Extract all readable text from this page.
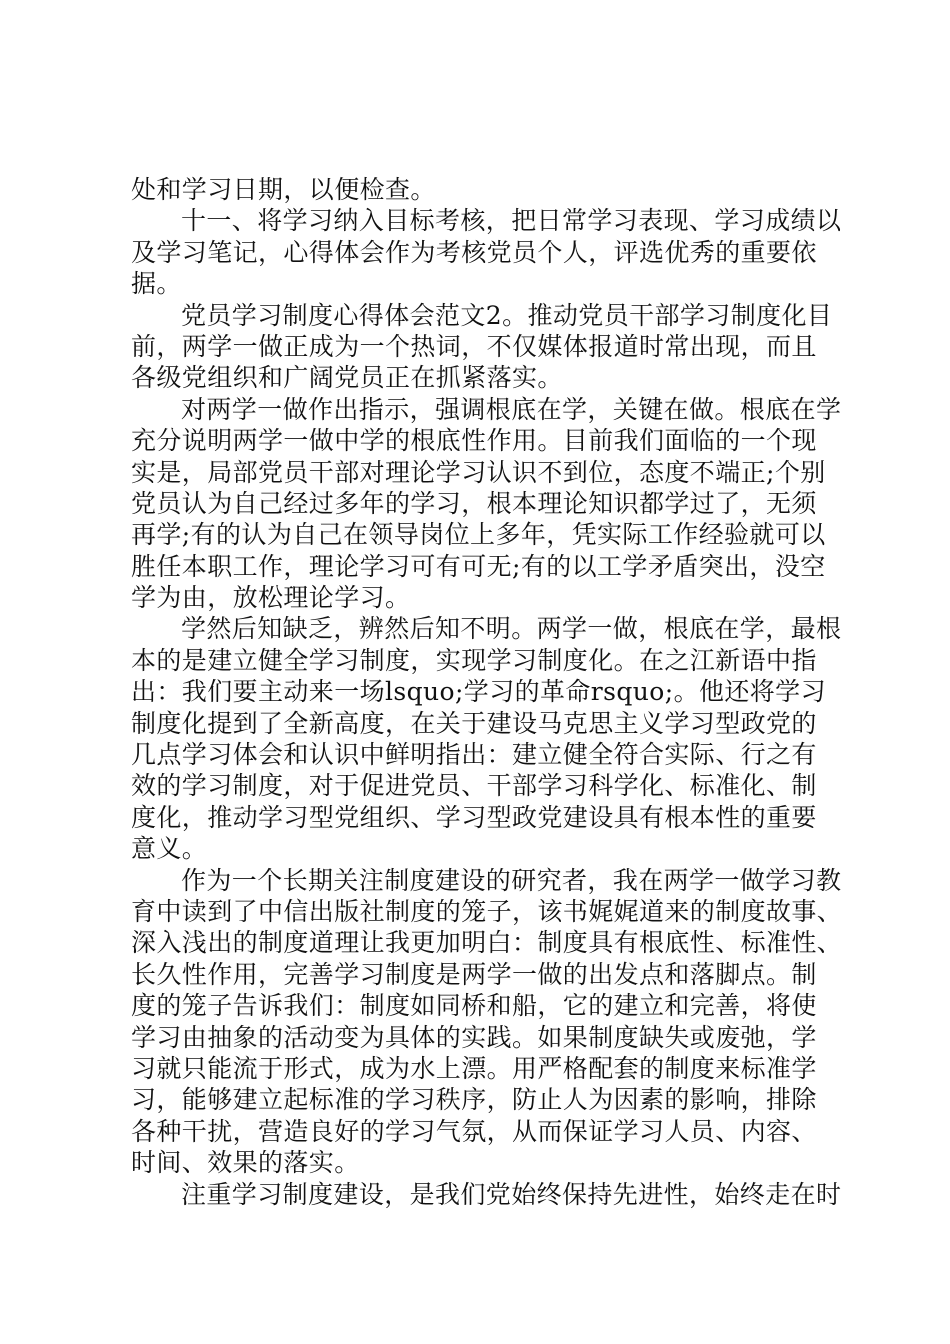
处和学习日期，以便检查。
十一、将学习纳入目标考核，把日常学习表现、学习成绩以
及学习笔记，心得体会作为考核党员个人，评选优秀的重要依
据。
党员学习制度心得体会范文2。推动党员干部学习制度化目
前，两学一做正成为一个热词，不仅媒体报道时常出现，而且
各级党组织和广阔党员正在抓紧落实。
对两学一做作出指示，强调根底在学，关键在做。根底在学
充分说明两学一做中学的根底性作用。目前我们面临的一个现
实是，局部党员干部对理论学习认识不到位，态度不端正;个别
党员认为自己经过多年的学习，根本理论知识都学过了，无须
再学;有的认为自己在领导岗位上多年，凭实际工作经验就可以
胜任本职工作，理论学习可有可无;有的以工学矛盾突出，没空
学为由，放松理论学习。
学然后知缺乏，辨然后知不明。两学一做，根底在学，最根
本的是建立健全学习制度，实现学习制度化。在之江新语中指
出：我们要主动来一场lsquo;学习的革命rsquo;。他还将学习
制度化提到了全新高度，在关于建设马克思主义学习型政党的
几点学习体会和认识中鲜明指出：建立健全符合实际、行之有
效的学习制度，对于促进党员、干部学习科学化、标准化、制
度化，推动学习型党组织、学习型政党建设具有根本性的重要
意义。
作为一个长期关注制度建设的研究者，我在两学一做学习教
育中读到了中信出版社制度的笼子，该书娓娓道来的制度故事、
深入浅出的制度道理让我更加明白：制度具有根底性、标准性、
长久性作用，完善学习制度是两学一做的出发点和落脚点。制
度的笼子告诉我们：制度如同桥和船，它的建立和完善，将使
学习由抽象的活动变为具体的实践。如果制度缺失或废弛，学
习就只能流于形式，成为水上漂。用严格配套的制度来标准学
习，能够建立起标准的学习秩序，防止人为因素的影响，排除
各种干扰，营造良好的学习气氛，从而保证学习人员、内容、
时间、效果的落实。
注重学习制度建设，是我们党始终保持先进性，始终走在时
